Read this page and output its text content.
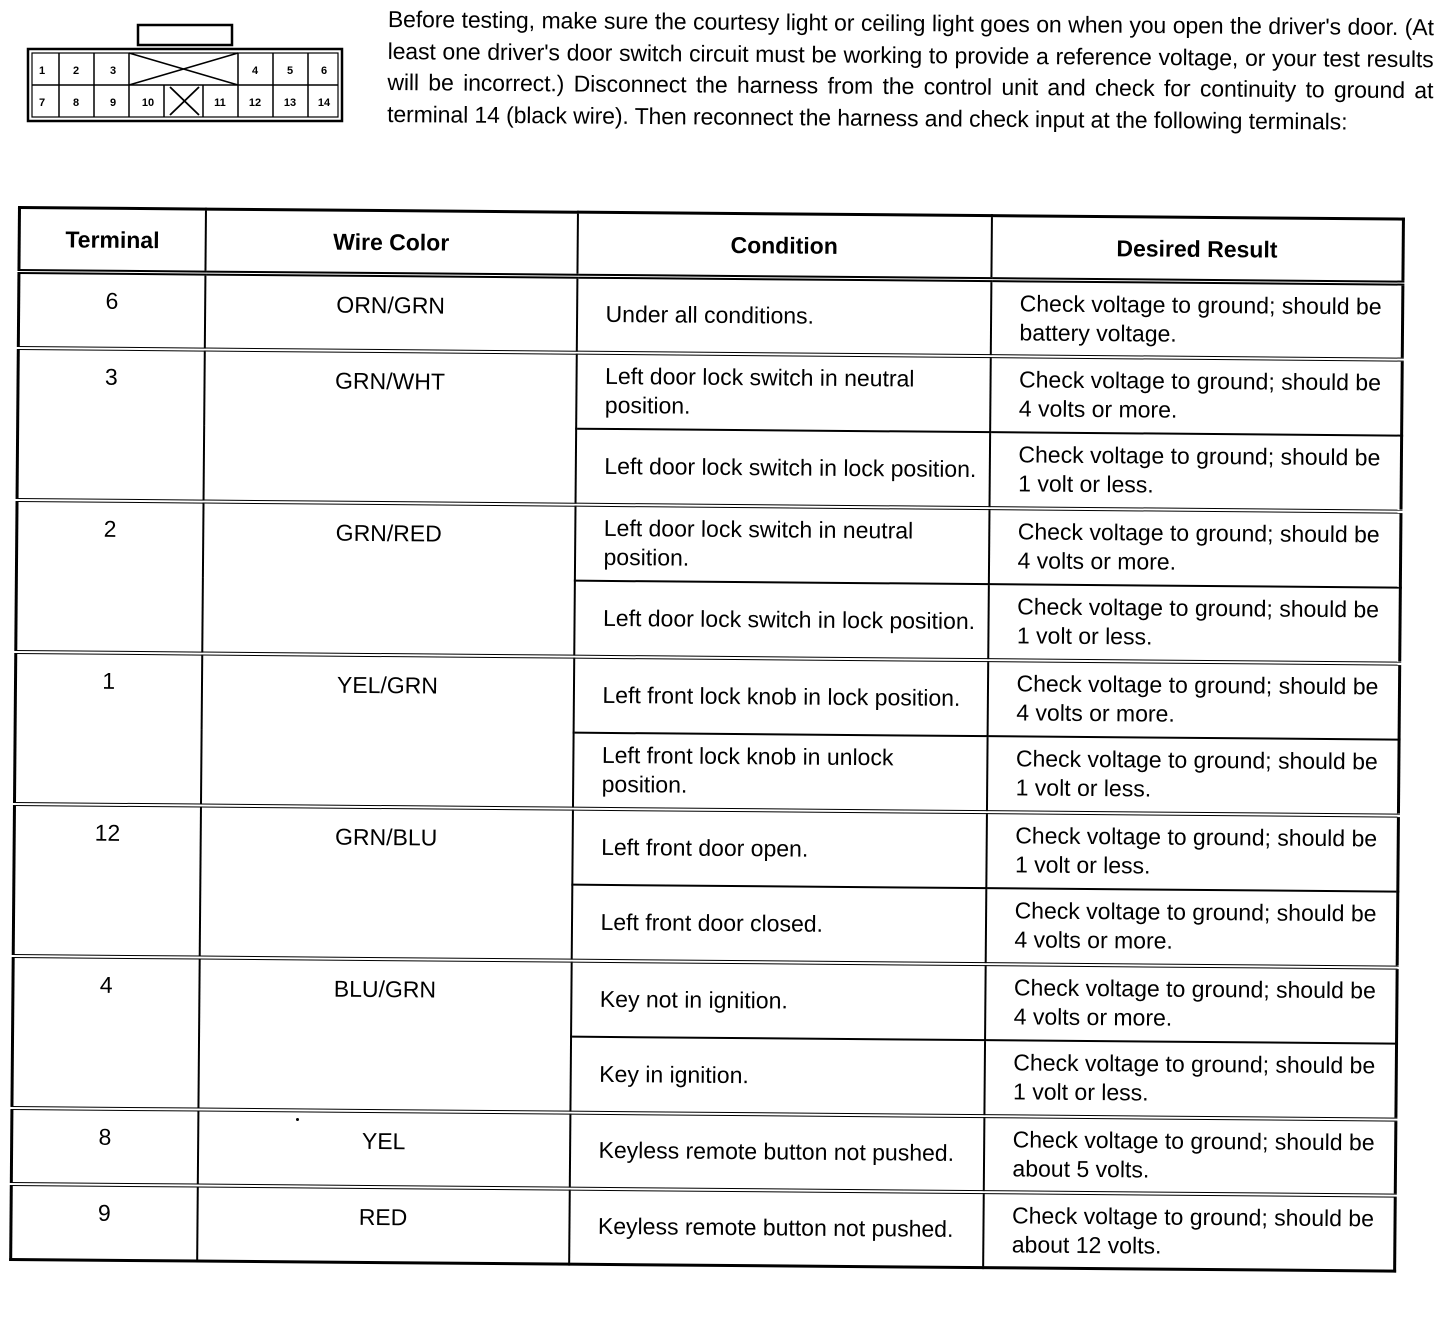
1	2	3	4	5	6
7	8	9 10	11 12 13 14

Before testing, make sure the courtesy light or ceiling light goes on when you open the driver's door. (At least one driver's door switch circuit must be working to provide a reference voltage, or your test results will be incorrect.) Disconnect the harness from the control unit and check for continuity to ground at terminal 14 (black wire). Then reconnect the harness and check input at the following terminals:

Terminal	Wire Color	Condition	Desired Result
6	ORN/GRN	Under all conditions.	Check voltage to ground; should be battery voltage.
3	GRN/WHT	Left door lock switch in neutral position.	Check voltage to ground; should be 4 volts or more.
		Left door lock switch in lock position.	Check voltage to ground; should be 1 volt or less.
2	GRN/RED	Left door lock switch in neutral position.	Check voltage to ground; should be 4 volts or more.
		Left door lock switch in lock position.	Check voltage to ground; should be 1 volt or less.
1	YEL/GRN	Left front lock knob in lock position.	Check voltage to ground; should be 4 volts or more.
		Left front lock knob in unlock position.	Check voltage to ground; should be 1 volt or less.
12	GRN/BLU	Left front door open.	Check voltage to ground; should be 1 volt or less.
		Left front door closed.	Check voltage to ground; should be 4 volts or more.
4	BLU/GRN	Key not in ignition.	Check voltage to ground; should be 4 volts or more.
		Key in ignition.	Check voltage to ground; should be 1 volt or less.
8	YEL	Keyless remote button not pushed.	Check voltage to ground; should be about 5 volts.
9	RED	Keyless remote button not pushed.	Check voltage to ground; should be about 12 volts.
